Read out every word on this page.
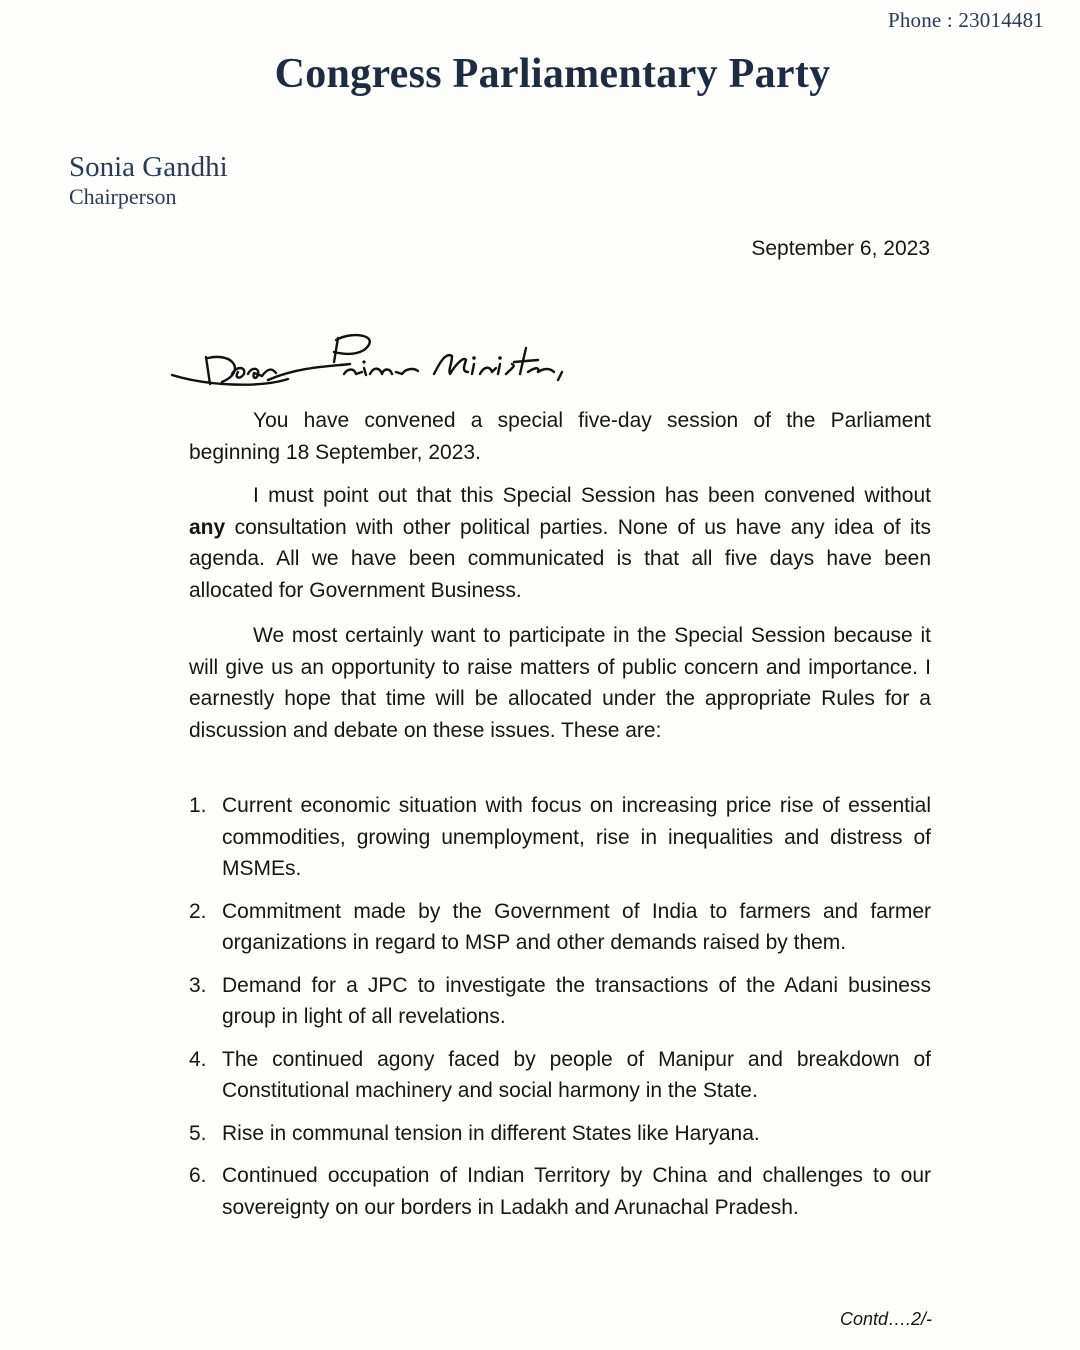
Phone : 23014481
Congress Parliamentary Party
Sonia Gandhi
Chairperson
September 6, 2023

You have convened a special five-day session of the Parliament beginning 18 September, 2023.

I must point out that this Special Session has been convened without any consultation with other political parties. None of us have any idea of its agenda. All we have been communicated is that all five days have been allocated for Government Business.

We most certainly want to participate in the Special Session because it will give us an opportunity to raise matters of public concern and importance. I earnestly hope that time will be allocated under the appropriate Rules for a discussion and debate on these issues. These are:

1. Current economic situation with focus on increasing price rise of essential commodities, growing unemployment, rise in inequalities and distress of MSMEs.
2. Commitment made by the Government of India to farmers and farmer organizations in regard to MSP and other demands raised by them.
3. Demand for a JPC to investigate the transactions of the Adani business group in light of all revelations.
4. The continued agony faced by people of Manipur and breakdown of Constitutional machinery and social harmony in the State.
5. Rise in communal tension in different States like Haryana.
6. Continued occupation of Indian Territory by China and challenges to our sovereignty on our borders in Ladakh and Arunachal Pradesh.
Contd….2/-
